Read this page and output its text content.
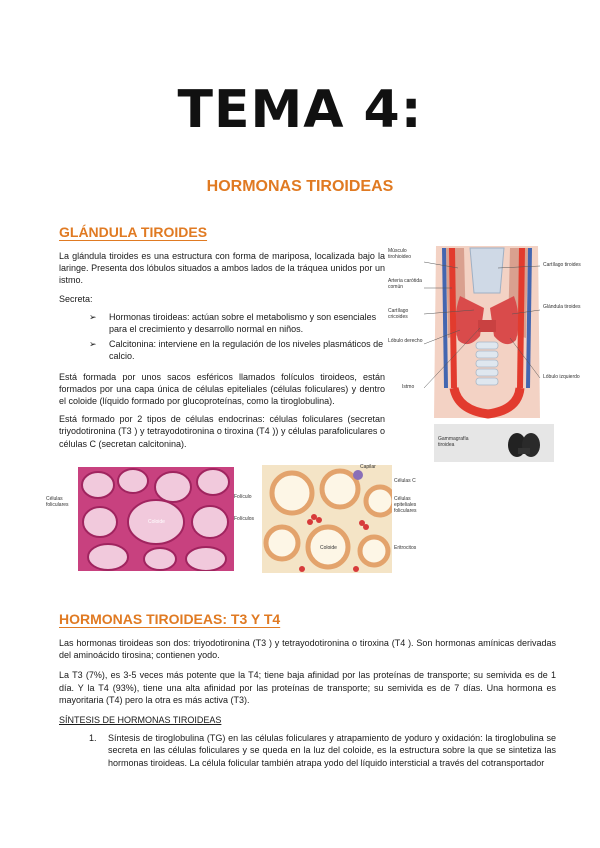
TEMA 4:
HORMONAS TIROIDEAS
GLÁNDULA TIROIDES
La glándula tiroides es una estructura con forma de mariposa, localizada bajo la laringe. Presenta dos lóbulos situados a ambos lados de la tráquea unidos por un istmo.
Secreta:
➢ Hormonas tiroideas: actúan sobre el metabolismo y son esenciales para el crecimiento y desarrollo normal en niños.
➢ Calcitonina: interviene en la regulación de los niveles plasmáticos de calcio.
Está formada por unos sacos esféricos llamados folículos tiroideos, están formados por una capa única de células epiteliales (células foliculares) y dentro el coloide (líquido formado por glucoproteínas, como la tiroglobulina).
Está formado por 2 tipos de células endocrinas: células foliculares (secretan triyodotironina (T3 ) y tetrayodotironina o tiroxina (T4 )) y células parafoliculares o células C (secretan calcitonina).
Músculo tirohioideo
Arteria carótida común
Cartílago cricoides
Lóbulo derecho
Istmo
Cartílago tiroides
Glándula tiroides
Lóbulo izquierdo
Gammagrafía tiroidea
Coloide
Células foliculares
Coloide
Folículo
Folículos
Capilar
Células C
Células epiteliales foliculares
Eritrocitos
HORMONAS TIROIDEAS: T3 Y T4
Las hormonas tiroideas son dos: triyodotironina (T3 ) y tetrayodotironina o tiroxina (T4 ). Son hormonas amínicas derivadas del aminoácido tirosina; contienen yodo.
La T3 (7%), es 3-5 veces más potente que la T4; tiene baja afinidad por las proteínas de transporte; su semivida es de 1 día. Y la T4 (93%), tiene una alta afinidad por las proteínas de transporte; su semivida es de 7 días. Una hormona es mayoritaria (T4) pero la otra es más activa (T3).
SÍNTESIS DE HORMONAS TIROIDEAS
1. Síntesis de tiroglobulina (TG) en las células foliculares y atrapamiento de yoduro y oxidación: la tiroglobulina se secreta en las células foliculares y se queda en la luz del coloide, es la estructura sobre la que se sintetiza las hormonas tiroideas. La célula folicular también atrapa yodo del líquido intersticial a través del cotransportador
